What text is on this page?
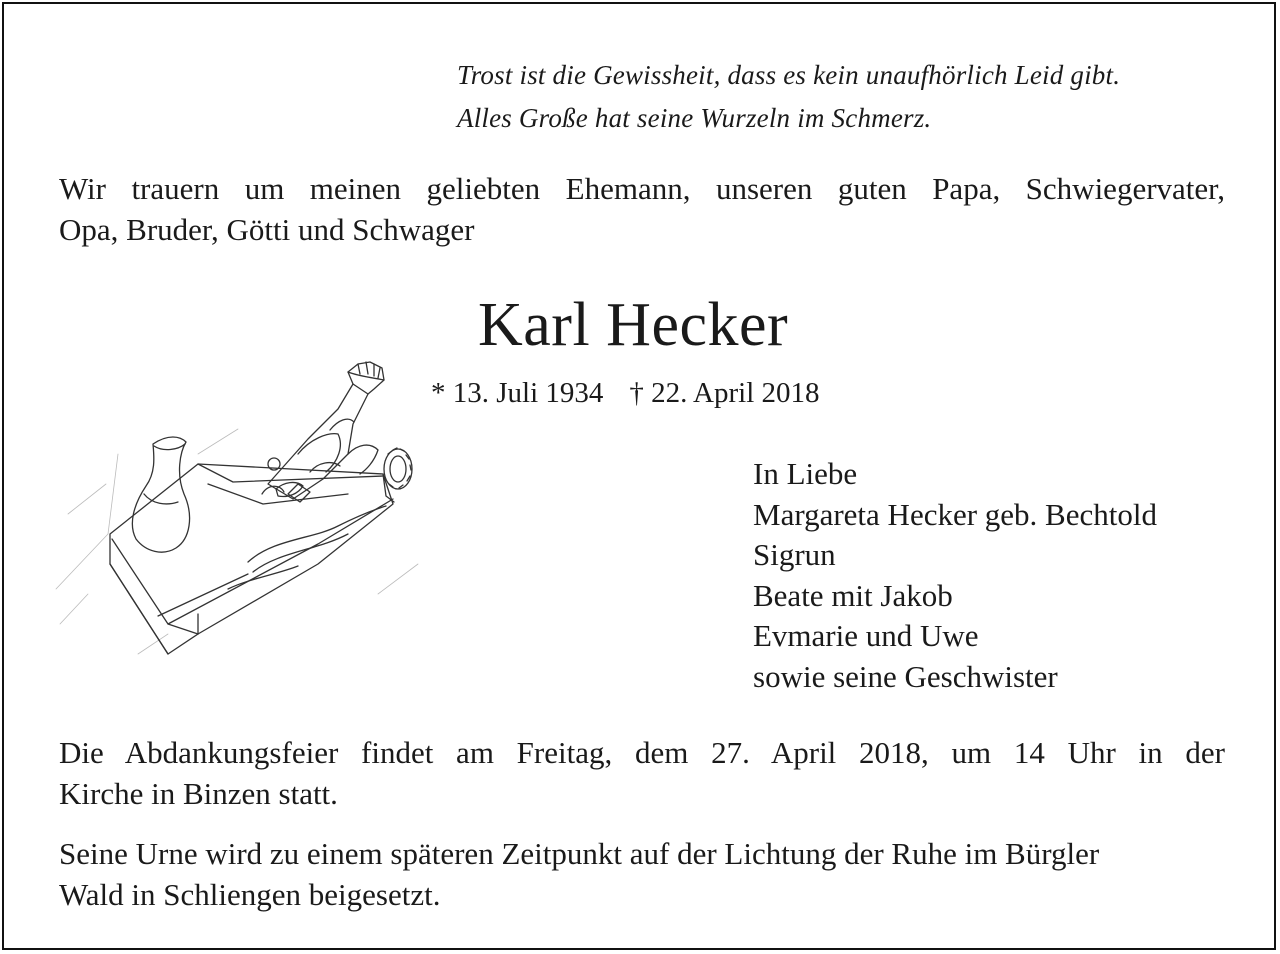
Trost ist die Gewissheit, dass es kein unaufhörlich Leid gibt.
Alles Große hat seine Wurzeln im Schmerz.
Wir trauern um meinen geliebten Ehemann, unseren guten Papa, Schwiegervater,
Opa, Bruder, Götti und Schwager
Karl Hecker
* 13. Juli 1934 † 22. April 2018
In Liebe
Margareta Hecker geb. Bechtold
Sigrun
Beate mit Jakob
Evmarie und Uwe
sowie seine Geschwister

Die Abdankungsfeier findet am Freitag, dem 27. April 2018, um 14 Uhr in der

Kirche in Binzen statt.

Seine Urne wird zu einem späteren Zeitpunkt auf der Lichtung der Ruhe im Bürgler

Wald in Schliengen beigesetzt.
